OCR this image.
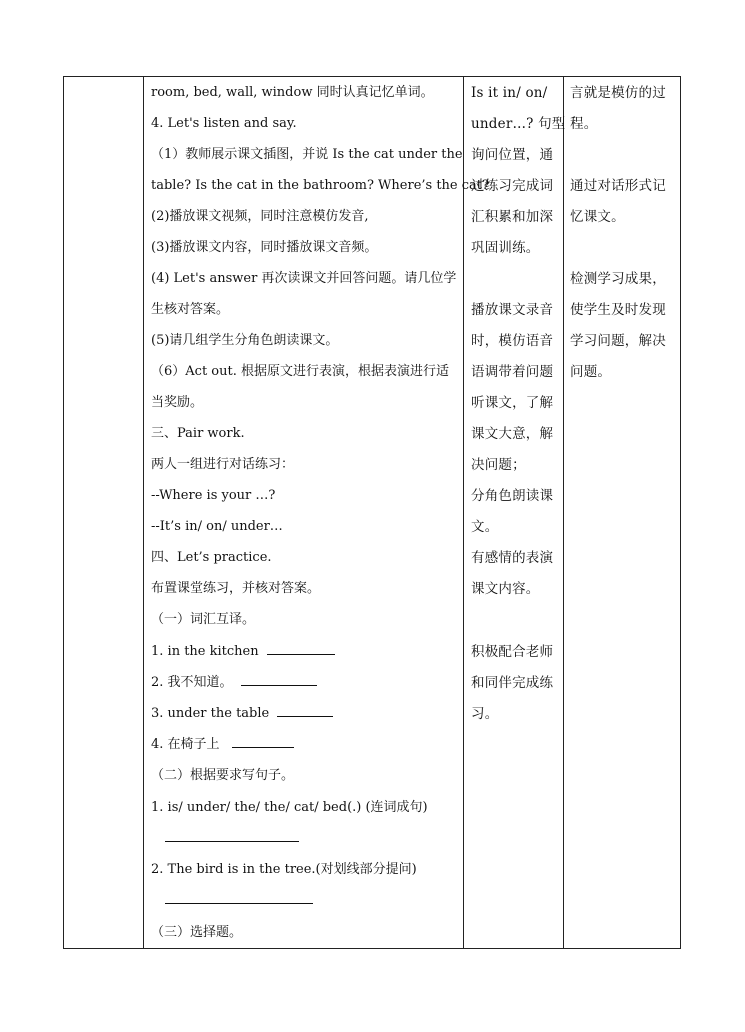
room, bed, wall, window 同时认真记忆单词。
4. Let's listen and say.
（1）教师展示课文插图，并说 Is the cat under the
table? Is the cat in the bathroom? Where’s the cat?
(2)播放课文视频，同时注意模仿发音,
(3)播放课文内容，同时播放课文音频。
(4) Let's answer 再次读课文并回答问题。请几位学
生核对答案。
(5)请几组学生分角色朗读课文。
（6）Act out. 根据原文进行表演，根据表演进行适
当奖励。
三、Pair work.
两人一组进行对话练习：
--Where is your …?
--It’s in/ on/ under…
四、Let’s practice.
布置课堂练习，并核对答案。
（一）词汇互译。
1. in the kitchen
2. 我不知道。
3. under the table
4. 在椅子上
（二）根据要求写句子。
1. is/ under/ the/ the/ cat/ bed(.) (连词成句)
2. The bird is in the tree.(对划线部分提问)
（三）选择题。
Is it in/ on/
under…? 句型
询问位置，通
过练习完成词
汇积累和加深
巩固训练。
播放课文录音
时，模仿语音
语调带着问题
听课文，了解
课文大意，解
决问题；
分角色朗读课
文。
有感情的表演
课文内容。
积极配合老师
和同伴完成练
习。
言就是模仿的过
程。
通过对话形式记
忆课文。
检测学习成果，
使学生及时发现
学习问题，解决
问题。
